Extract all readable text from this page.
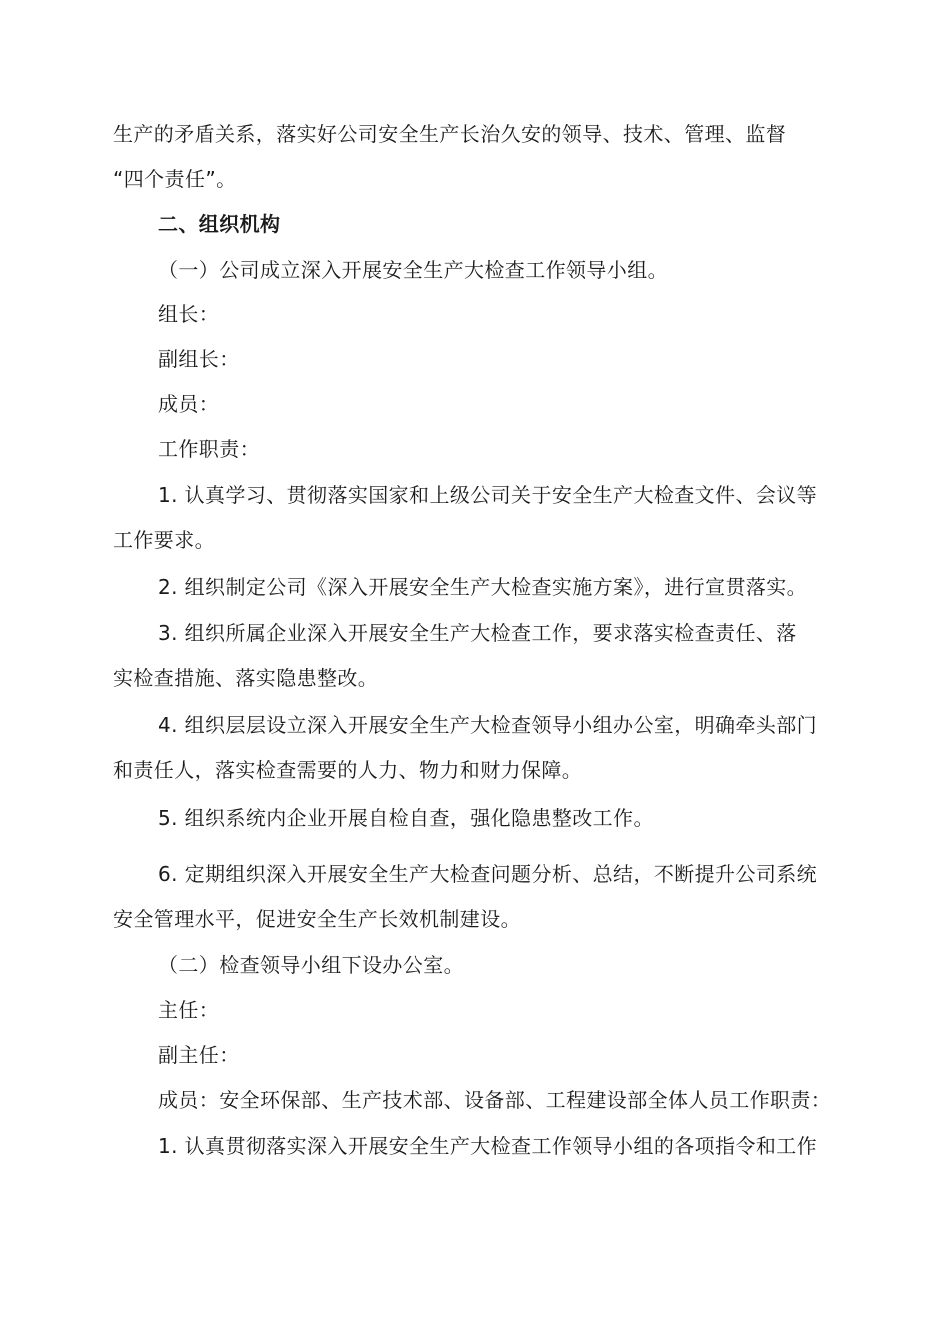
生产的矛盾关系，落实好公司安全生产长治久安的领导、技术、管理、监督
“四个责任”。
二、组织机构
（一）公司成立深入开展安全生产大检查工作领导小组。
组长：
副组长：
成员：
工作职责：
1. 认真学习、贯彻落实国家和上级公司关于安全生产大检查文件、会议等
工作要求。
2. 组织制定公司《深入开展安全生产大检查实施方案》，进行宣贯落实。
3. 组织所属企业深入开展安全生产大检查工作，要求落实检查责任、落
实检查措施、落实隐患整改。
4. 组织层层设立深入开展安全生产大检查领导小组办公室，明确牵头部门
和责任人，落实检查需要的人力、物力和财力保障。
5. 组织系统内企业开展自检自查，强化隐患整改工作。
6. 定期组织深入开展安全生产大检查问题分析、总结，不断提升公司系统
安全管理水平，促进安全生产长效机制建设。
（二）检查领导小组下设办公室。
主任：
副主任：
成员：安全环保部、生产技术部、设备部、工程建设部全体人员工作职责：
1. 认真贯彻落实深入开展安全生产大检查工作领导小组的各项指令和工作
